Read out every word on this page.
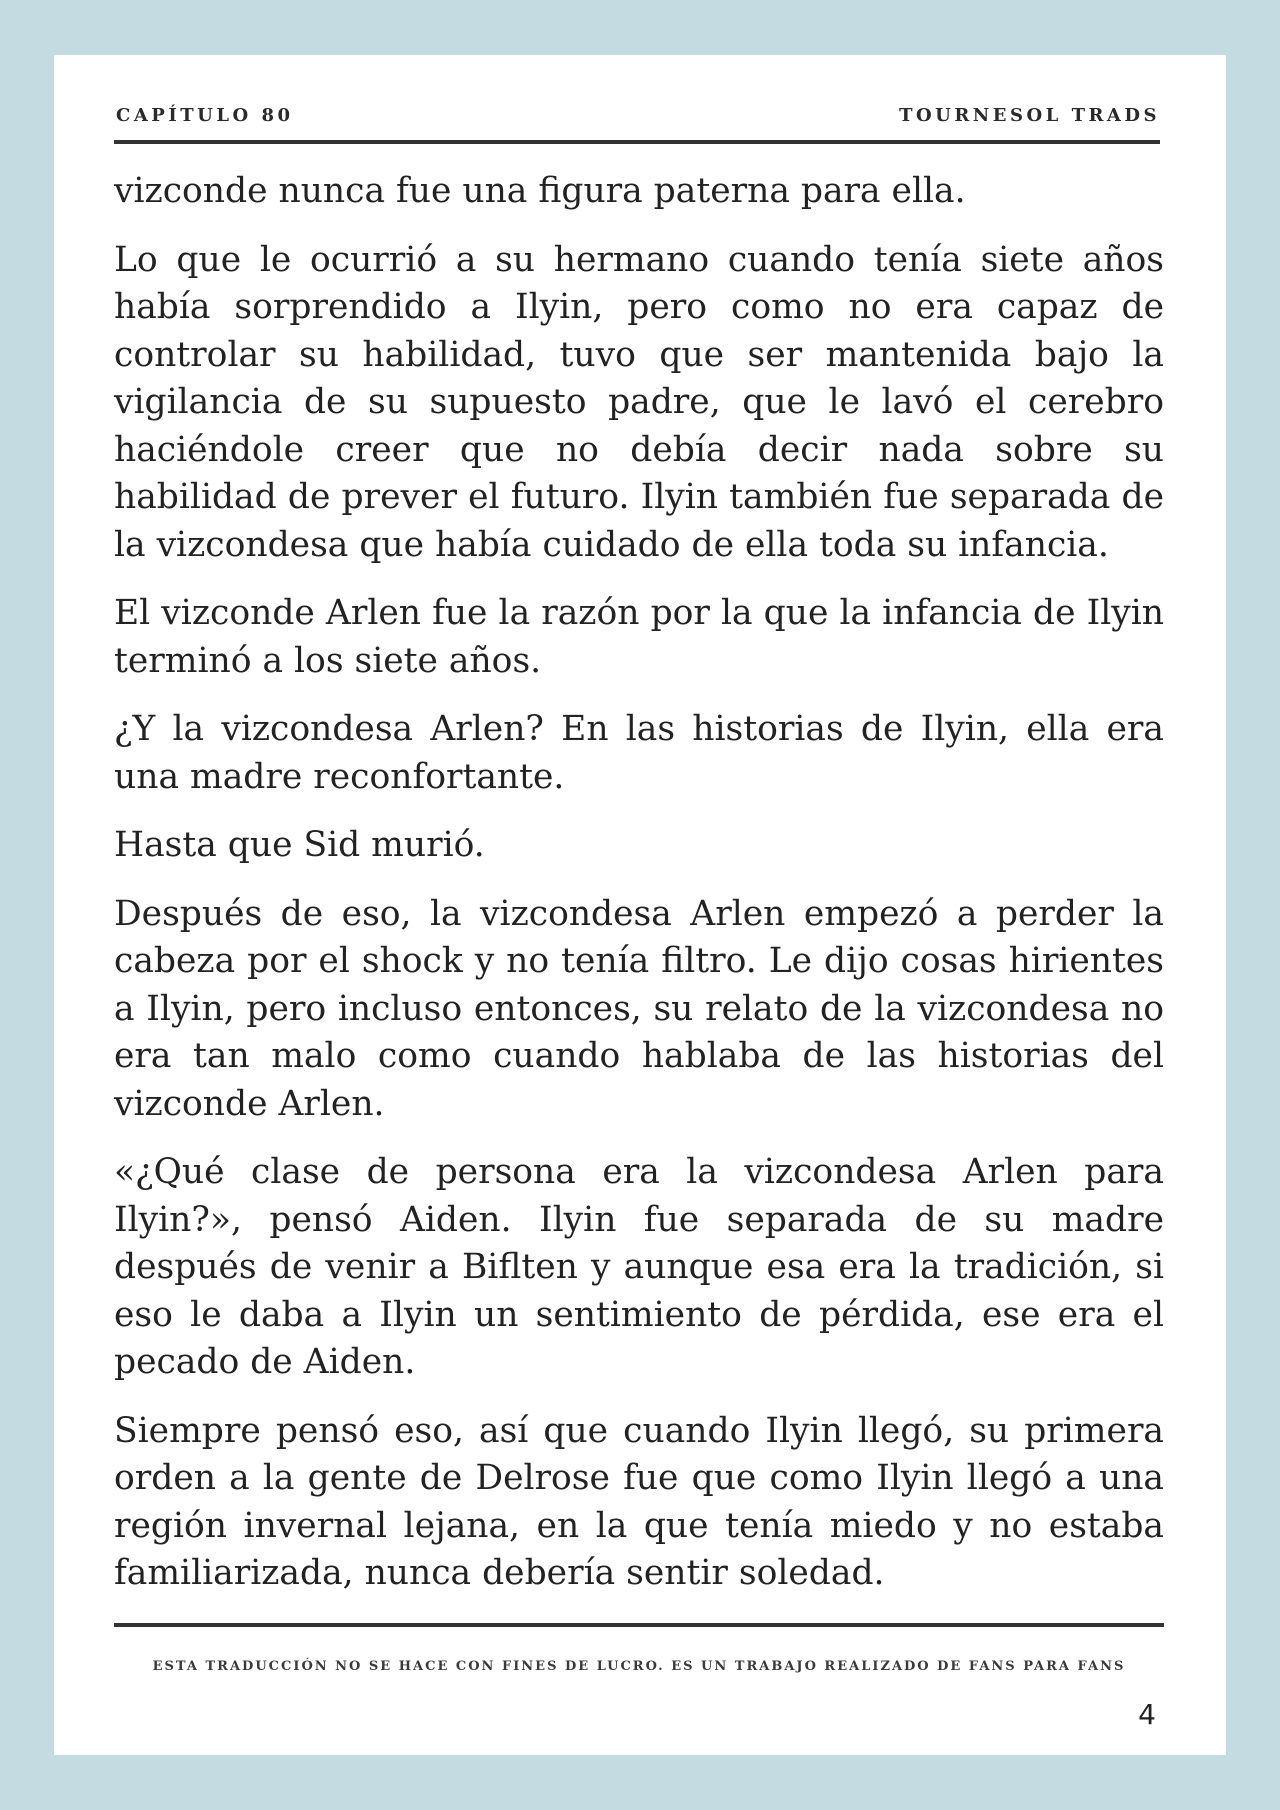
CAPÍTULO 80	TOURNESOL TRADS

vizconde nunca fue una figura paterna para ella.

Lo que le ocurrió a su hermano cuando tenía siete años había sorprendido a Ilyin, pero como no era capaz de controlar su habilidad, tuvo que ser mantenida bajo la vigilancia de su supuesto padre, que le lavó el cerebro haciéndole creer que no debía decir nada sobre su habilidad de prever el futuro. Ilyin también fue separada de la vizcondesa que había cuidado de ella toda su infancia.

El vizconde Arlen fue la razón por la que la infancia de Ilyin terminó a los siete años.

¿Y la vizcondesa Arlen? En las historias de Ilyin, ella era una madre reconfortante.

Hasta que Sid murió.

Después de eso, la vizcondesa Arlen empezó a perder la cabeza por el shock y no tenía filtro. Le dijo cosas hirientes a Ilyin, pero incluso entonces, su relato de la vizcondesa no era tan malo como cuando hablaba de las historias del vizconde Arlen.

«¿Qué clase de persona era la vizcondesa Arlen para Ilyin?», pensó Aiden. Ilyin fue separada de su madre después de venir a Biflten y aunque esa era la tradición, si eso le daba a Ilyin un sentimiento de pérdida, ese era el pecado de Aiden.

Siempre pensó eso, así que cuando Ilyin llegó, su primera orden a la gente de Delrose fue que como Ilyin llegó a una región invernal lejana, en la que tenía miedo y no estaba familiarizada, nunca debería sentir soledad.

ESTA TRADUCCIÓN NO SE HACE CON FINES DE LUCRO. ES UN TRABAJO REALIZADO DE FANS PARA FANS
4
